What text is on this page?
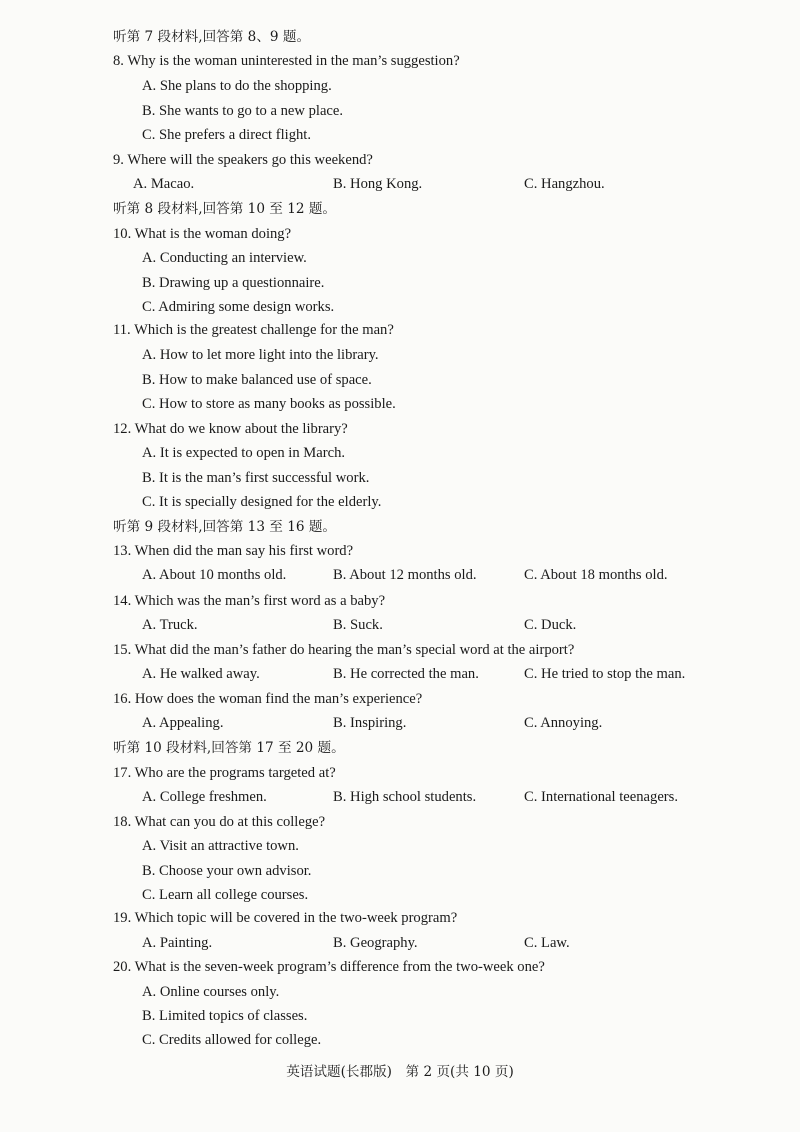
听第 7 段材料,回答第 8、9 题。
8. Why is the woman uninterested in the man’s suggestion?
A. She plans to do the shopping.
B. She wants to go to a new place.
C. She prefers a direct flight.
9. Where will the speakers go this weekend?
A. Macao.	B. Hong Kong.	C. Hangzhou.
听第 8 段材料,回答第 10 至 12 题。
10. What is the woman doing?
A. Conducting an interview.
B. Drawing up a questionnaire.
C. Admiring some design works.
11. Which is the greatest challenge for the man?
A. How to let more light into the library.
B. How to make balanced use of space.
C. How to store as many books as possible.
12. What do we know about the library?
A. It is expected to open in March.
B. It is the man’s first successful work.
C. It is specially designed for the elderly.
听第 9 段材料,回答第 13 至 16 题。
13. When did the man say his first word?
A. About 10 months old.	B. About 12 months old.	C. About 18 months old.
14. Which was the man’s first word as a baby?
A. Truck.	B. Suck.	C. Duck.
15. What did the man’s father do hearing the man’s special word at the airport?
A. He walked away.	B. He corrected the man.	C. He tried to stop the man.
16. How does the woman find the man’s experience?
A. Appealing.	B. Inspiring.	C. Annoying.
听第 10 段材料,回答第 17 至 20 题。
17. Who are the programs targeted at?
A. College freshmen.	B. High school students.	C. International teenagers.
18. What can you do at this college?
A. Visit an attractive town.
B. Choose your own advisor.
C. Learn all college courses.
19. Which topic will be covered in the two-week program?
A. Painting.	B. Geography.	C. Law.
20. What is the seven-week program’s difference from the two-week one?
A. Online courses only.
B. Limited topics of classes.
C. Credits allowed for college.
英语试题(长郡版)　第 2 页(共 10 页)
